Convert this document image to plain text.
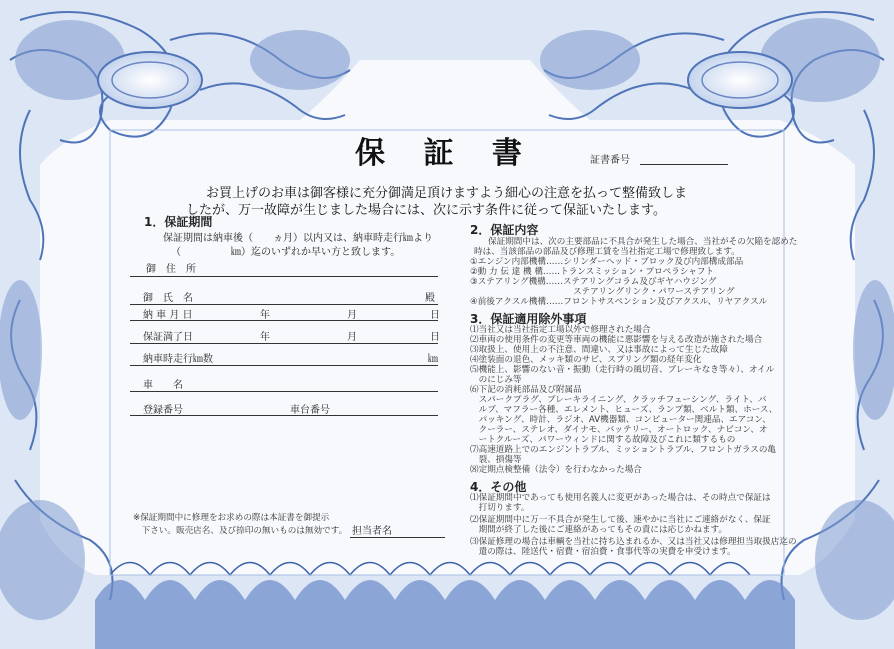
保 証 書	証書番号
お買上げのお車は御客様に充分御満足頂けますよう細心の注意を払って整備致しま
したが、万一故障が生じました場合には、次に示す条件に従って保証いたします。
1．保証期間
保証期間は納車後（　　ヵ月）以内又は、納車時走行㎞より
（　　　　　㎞）迄のいずれか早い方と致します。
御　住　所
御　氏　名	殿
納 車 月 日	年	月	日
保証満了日	年	月	日
納車時走行㎞数	㎞
車　　名
登録番号	車台番号
※保証期間中に修理をお求めの際は本証書を御提示
　下さい。販売店名、及び捺印の無いものは無効です。 担当者名
2．保証内容
保証期間中は、次の主要部品に不具合が発生した場合、当社がその欠陥を認めた
時は、当該部品の部品及び修理工賃を当社指定工場で修理致します。
①エンジン内部機構……シリンダーヘッド・ブロック及び内部構成部品
②動 力 伝 達 機 構……トランスミッション・プロペラシャフト
③ステアリング機構……ステアリングコラム及びギヤハウジング
　　　　　　　　　　　　ステアリングリンク・パワーステアリング
④前後アクスル機構……フロントサスペンション及びアクスル、リヤアクスル
3．保証適用除外事項
⑴当社又は当社指定工場以外で修理された場合
⑵車両の使用条件の変更等車両の機能に悪影響を与える改造が施された場合
⑶取扱上、使用上の不注意、間違い、又は事故によって生じた故障
⑷塗装面の退色、メッキ類のサビ、スプリング類の経年変化
⑸機能上、影響のない音・振動（走行時の風切音、ブレーキなき等々）、オイル
　のにじみ等
⑹下記の消耗部品及び附属品
　スパークプラグ、ブレーキライニング、クラッチフェーシング、ライト、バ
　ルブ、マフラー各種、エレメント、ヒューズ、ランプ類、ベルト類、ホース、
　パッキング、時計、ラジオ、AV機器類、コンピューター関連品、エアコン、
　クーラー、ステレオ、ダイナモ、バッテリー、オートロック、ナビコン、オ
　ートクルーズ、パワーウィンドに関する故障及びこれに類するもの
⑺高速道路上でのエンジントラブル、ミッショントラブル、フロントガラスの亀
　裂、損傷等
⑻定期点検整備（法令）を行わなかった場合
4．その他
⑴保証期間中であっても使用名義人に変更があった場合は、その時点で保証は
　打切ります。
⑵保証期間中に万一不具合が発生して後、速やかに当社にご連絡がなく、保証
　期間が終了した後にご連絡があってもその責には応じかねます。
⑶保証修理の場合は車輌を当社に持ち込まれるか、又は当社又は修理担当取扱店迄の
　遣の際は、陸送代・宿費・宿泊費・食事代等の実費を申受けます。
